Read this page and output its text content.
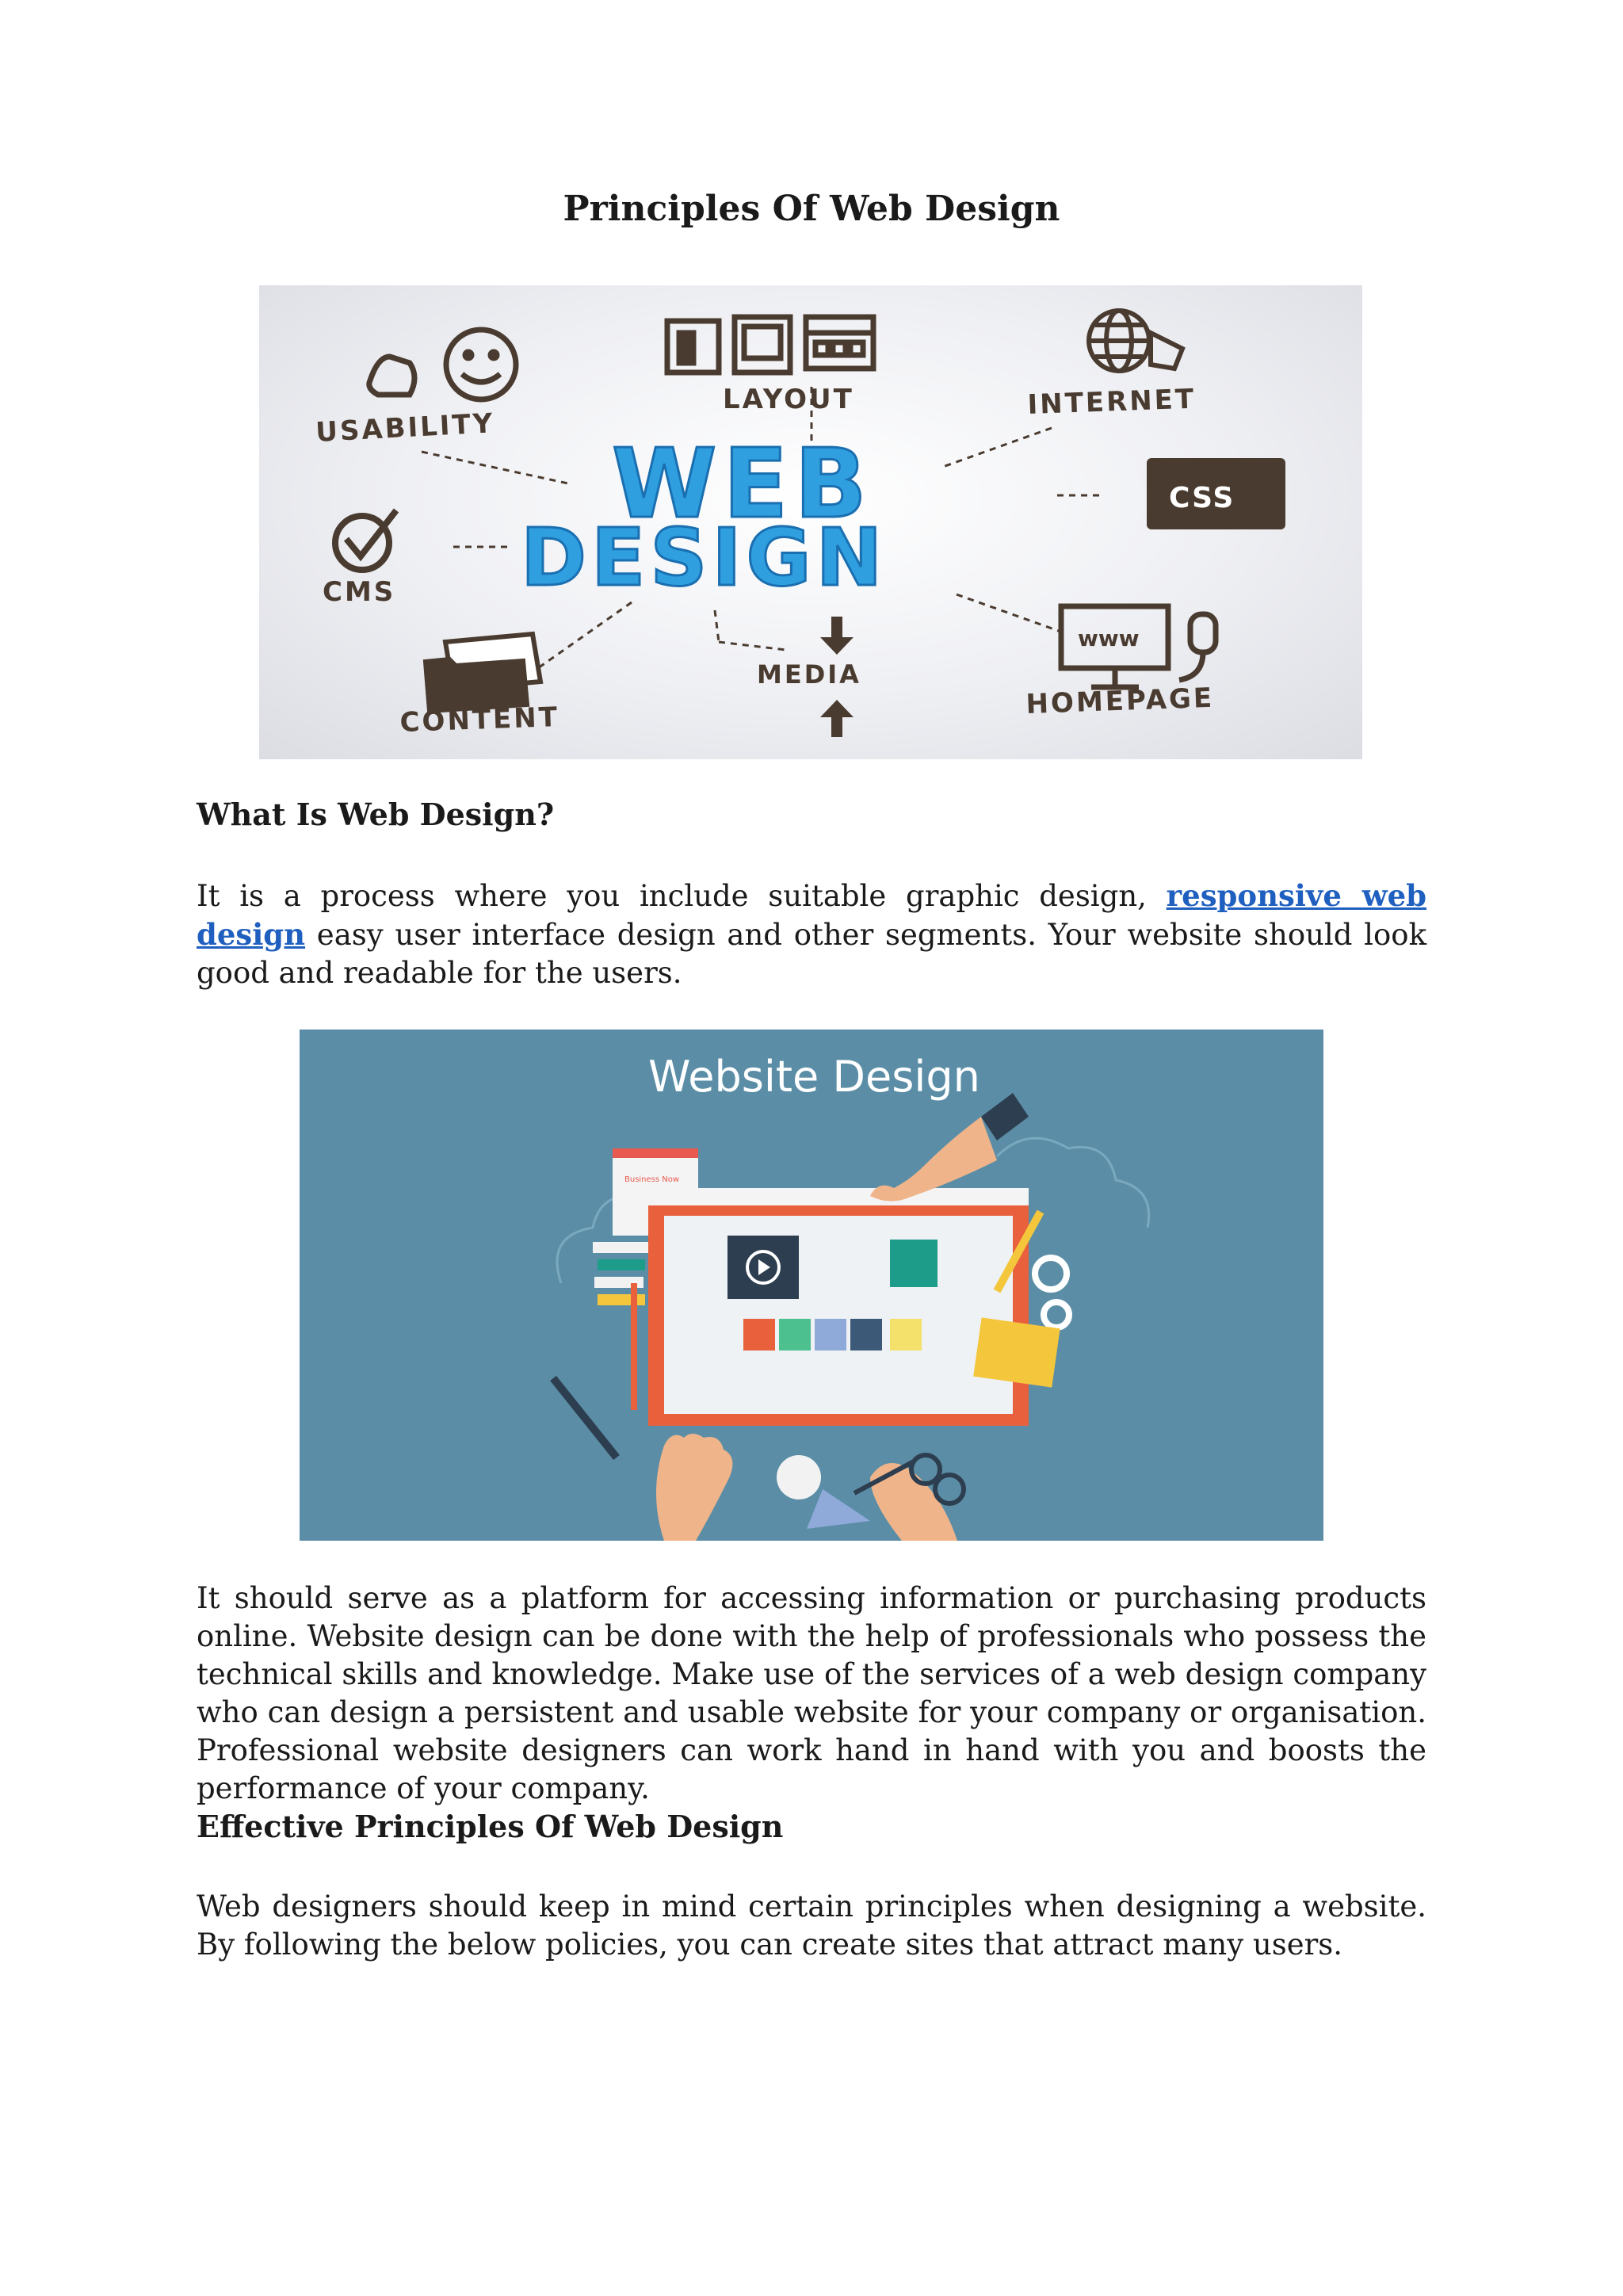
Principles Of Web Design
USABILITY
LAYOUT	INTERNET
CSS
CMS
WEB
DESIGN
CONTENT
MEDIA
www
HOMEPAGE
What Is Web Design?

It is a process where you include suitable graphic design, responsive web design easy user interface design and other segments. Your website should look good and readable for the users.

Website Design
Business Now

It should serve as a platform for accessing information or purchasing products online. Website design can be done with the help of professionals who possess the technical skills and knowledge. Make use of the services of a web design company who can design a persistent and usable website for your company or organisation. Professional website designers can work hand in hand with you and boosts the performance of your company.

Effective Principles Of Web Design

Web designers should keep in mind certain principles when designing a website. By following the below policies, you can create sites that attract many users.
